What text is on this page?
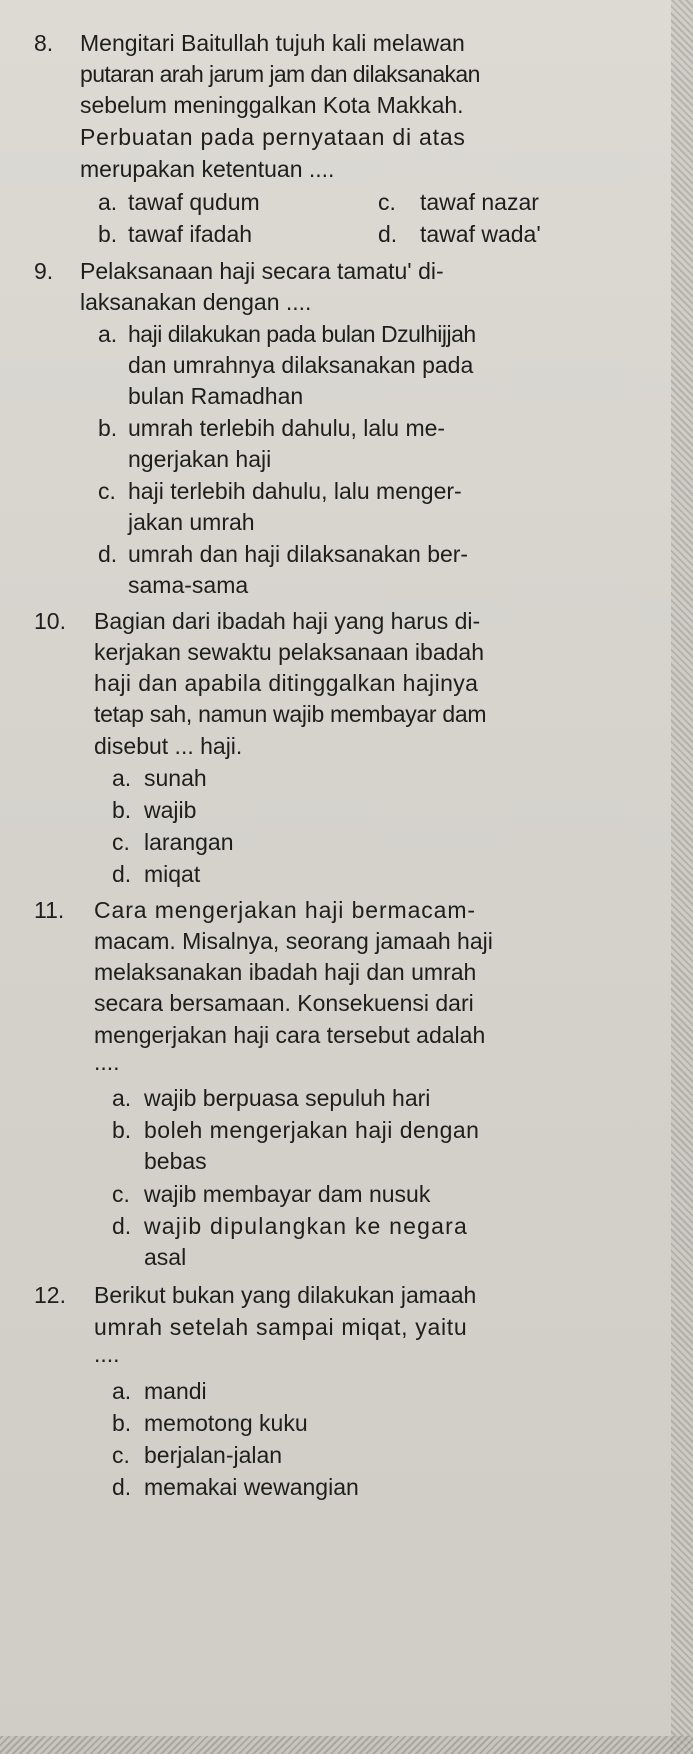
8. Mengitari Baitullah tujuh kali melawan
putaran arah jarum jam dan dilaksanakan
sebelum meninggalkan Kota Makkah.
Perbuatan pada pernyataan di atas
merupakan ketentuan ....
a. tawaf qudum	c. tawaf nazar
b. tawaf ifadah	d. tawaf wada'
9. Pelaksanaan haji secara tamatu' di-
laksanakan dengan ....
a. haji dilakukan pada bulan Dzulhijjah
dan umrahnya dilaksanakan pada
bulan Ramadhan
b. umrah terlebih dahulu, lalu me-
ngerjakan haji
c. haji terlebih dahulu, lalu menger-
jakan umrah
d. umrah dan haji dilaksanakan ber-
sama-sama
10. Bagian dari ibadah haji yang harus di-
kerjakan sewaktu pelaksanaan ibadah
haji dan apabila ditinggalkan hajinya
tetap sah, namun wajib membayar dam
disebut ... haji.
a. sunah
b. wajib
c. larangan
d. miqat
11. Cara mengerjakan haji bermacam-
macam. Misalnya, seorang jamaah haji
melaksanakan ibadah haji dan umrah
secara bersamaan. Konsekuensi dari
mengerjakan haji cara tersebut adalah
....
a. wajib berpuasa sepuluh hari
b. boleh mengerjakan haji dengan
bebas
c. wajib membayar dam nusuk
d. wajib dipulangkan ke negara
asal
12. Berikut bukan yang dilakukan jamaah
umrah setelah sampai miqat, yaitu
....
a. mandi
b. memotong kuku
c. berjalan-jalan
d. memakai wewangian
